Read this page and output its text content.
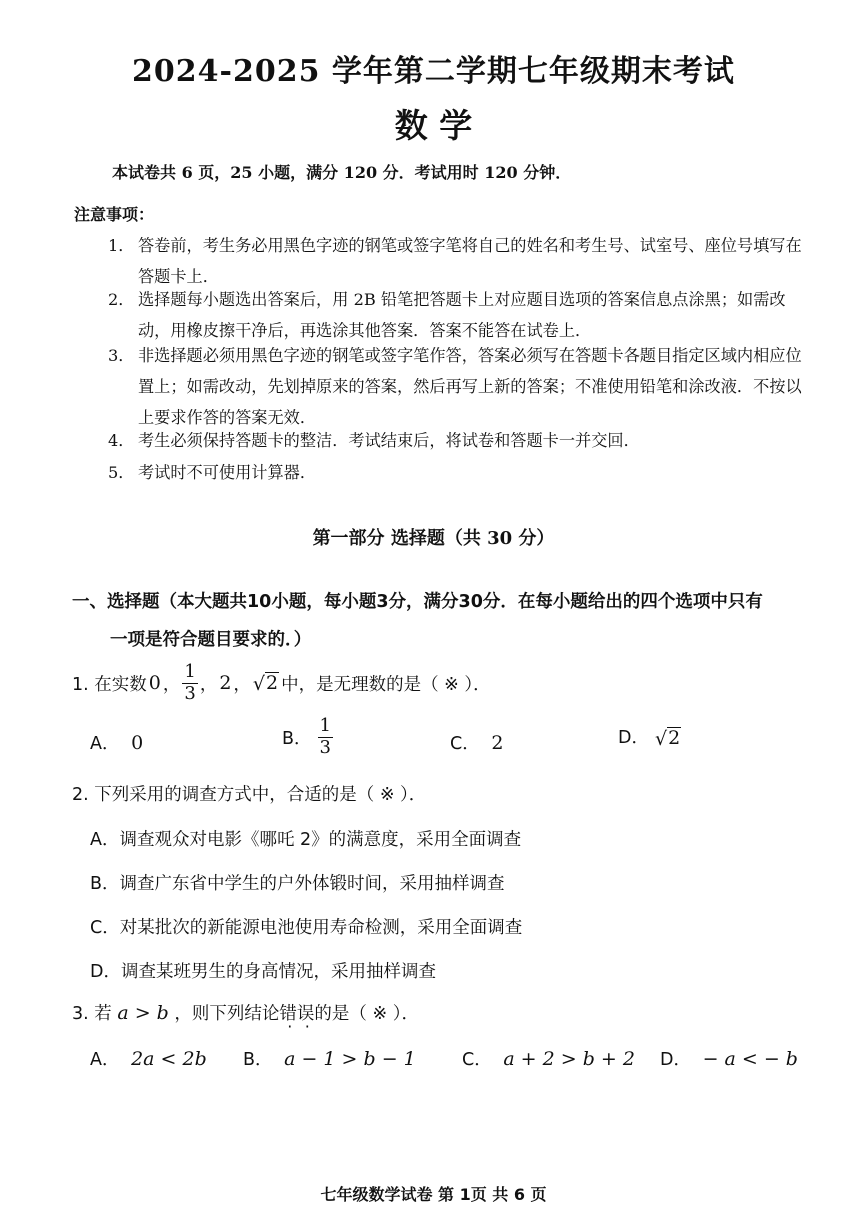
2024-2025 学年第二学期七年级期末考试
数 学
本试卷共 6 页，25 小题，满分 120 分．考试用时 120 分钟．
注意事项：
1． 答卷前，考生务必用黑色字迹的钢笔或签字笔将自己的姓名和考生号、试室号、座位号填写在答题卡上．
2． 选择题每小题选出答案后，用 2B 铅笔把答题卡上对应题目选项的答案信息点涂黑；如需改动，用橡皮擦干净后，再选涂其他答案．答案不能答在试卷上．
3． 非选择题必须用黑色字迹的钢笔或签字笔作答，答案必须写在答题卡各题目指定区域内相应位置上；如需改动，先划掉原来的答案，然后再写上新的答案；不准使用铅笔和涂改液．不按以上要求作答的答案无效．
4． 考生必须保持答题卡的整洁．考试结束后，将试卷和答题卡一并交回．
5． 考试时不可使用计算器．
第一部分 选择题（共 30 分）
一、选择题（本大题共10小题，每小题3分，满分30分．在每小题给出的四个选项中只有
一项是符合题目要求的．）
1. 在实数 0 ， $\frac{1}{3}$ ， 2 ， √ 2 中，是无理数的是（ ※ ）．
A． 0	B． $\frac{1}{3}$	C． 2	D． √ 2
2. 下列采用的调查方式中，合适的是（ ※ ）．
A．调查观众对电影《哪吒 2》的满意度，采用全面调查
B．调查广东省中学生的户外体锻时间，采用抽样调查
C．对某批次的新能源电池使用寿命检测，采用全面调查
D．调查某班男生的身高情况，采用抽样调查
3. 若 a > b ，则下列结论错误的是（ ※ ）．
A． 2a < 2b B． a − 1 > b − 1	C． a + 2 > b + 2 D． − a < − b
七年级数学试卷 第 1页 共 6 页
